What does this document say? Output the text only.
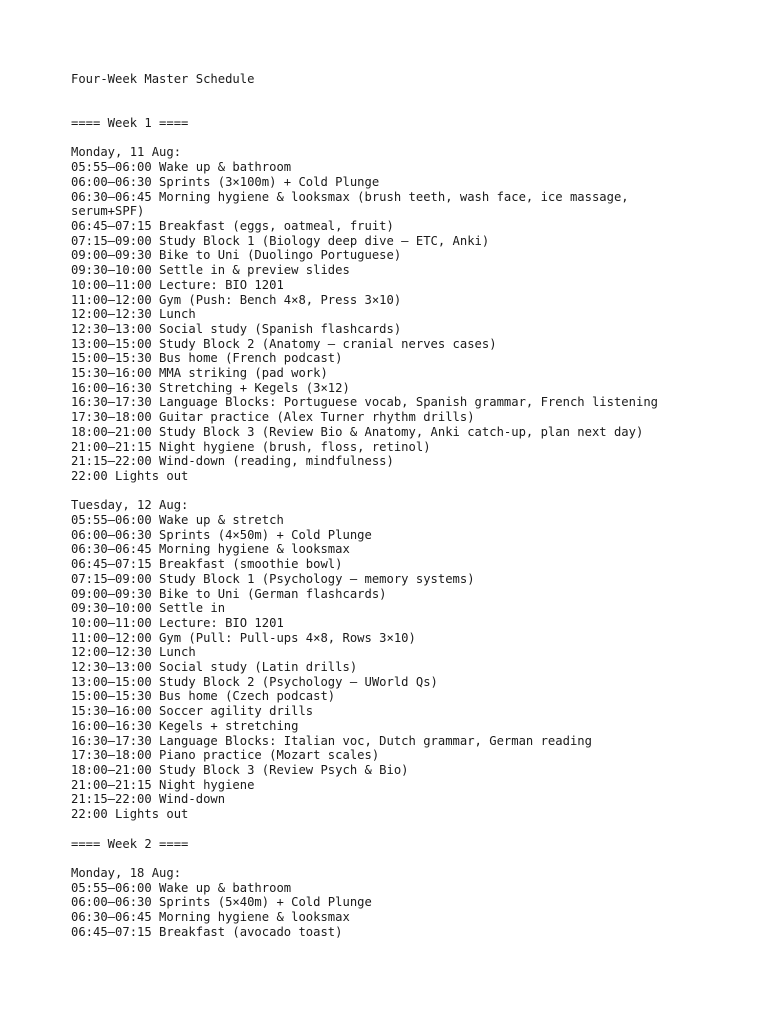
Four-Week Master Schedule
==== Week 1 ====
Monday, 11 Aug:
05:55–06:00 Wake up & bathroom
06:00–06:30 Sprints (3×100m) + Cold Plunge
06:30–06:45 Morning hygiene & looksmax (brush teeth, wash face, ice massage,
serum+SPF)
06:45–07:15 Breakfast (eggs, oatmeal, fruit)
07:15–09:00 Study Block 1 (Biology deep dive – ETC, Anki)
09:00–09:30 Bike to Uni (Duolingo Portuguese)
09:30–10:00 Settle in & preview slides
10:00–11:00 Lecture: BIO 1201
11:00–12:00 Gym (Push: Bench 4×8, Press 3×10)
12:00–12:30 Lunch
12:30–13:00 Social study (Spanish flashcards)
13:00–15:00 Study Block 2 (Anatomy – cranial nerves cases)
15:00–15:30 Bus home (French podcast)
15:30–16:00 MMA striking (pad work)
16:00–16:30 Stretching + Kegels (3×12)
16:30–17:30 Language Blocks: Portuguese vocab, Spanish grammar, French listening
17:30–18:00 Guitar practice (Alex Turner rhythm drills)
18:00–21:00 Study Block 3 (Review Bio & Anatomy, Anki catch-up, plan next day)
21:00–21:15 Night hygiene (brush, floss, retinol)
21:15–22:00 Wind-down (reading, mindfulness)
22:00 Lights out
Tuesday, 12 Aug:
05:55–06:00 Wake up & stretch
06:00–06:30 Sprints (4×50m) + Cold Plunge
06:30–06:45 Morning hygiene & looksmax
06:45–07:15 Breakfast (smoothie bowl)
07:15–09:00 Study Block 1 (Psychology – memory systems)
09:00–09:30 Bike to Uni (German flashcards)
09:30–10:00 Settle in
10:00–11:00 Lecture: BIO 1201
11:00–12:00 Gym (Pull: Pull-ups 4×8, Rows 3×10)
12:00–12:30 Lunch
12:30–13:00 Social study (Latin drills)
13:00–15:00 Study Block 2 (Psychology – UWorld Qs)
15:00–15:30 Bus home (Czech podcast)
15:30–16:00 Soccer agility drills
16:00–16:30 Kegels + stretching
16:30–17:30 Language Blocks: Italian voc, Dutch grammar, German reading
17:30–18:00 Piano practice (Mozart scales)
18:00–21:00 Study Block 3 (Review Psych & Bio)
21:00–21:15 Night hygiene
21:15–22:00 Wind-down
22:00 Lights out
==== Week 2 ====
Monday, 18 Aug:
05:55–06:00 Wake up & bathroom
06:00–06:30 Sprints (5×40m) + Cold Plunge
06:30–06:45 Morning hygiene & looksmax
06:45–07:15 Breakfast (avocado toast)
